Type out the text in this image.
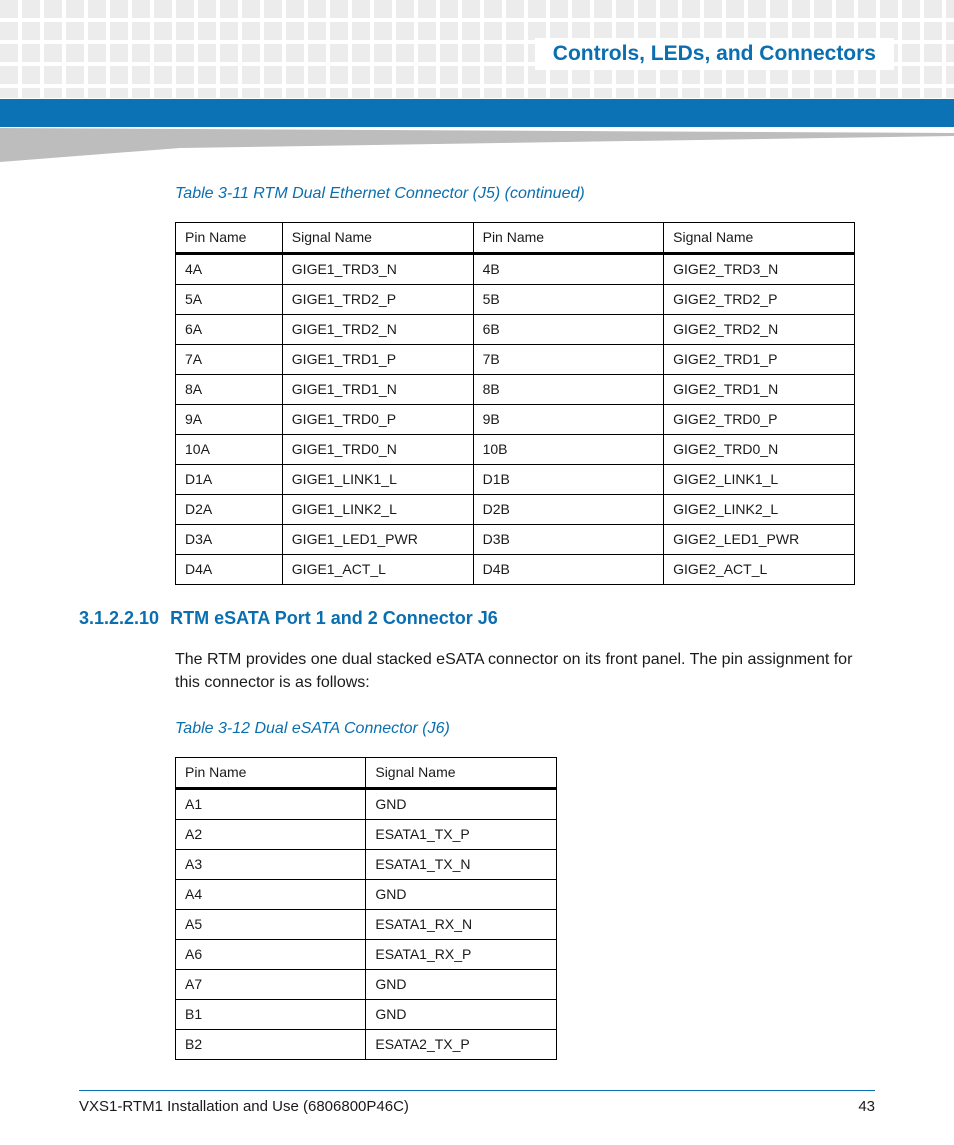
Controls, LEDs, and Connectors
Table 3-11 RTM Dual Ethernet Connector (J5) (continued)
Pin Name	Signal Name	Pin Name	Signal Name
4A	GIGE1_TRD3_N	4B	GIGE2_TRD3_N
5A	GIGE1_TRD2_P	5B	GIGE2_TRD2_P
6A	GIGE1_TRD2_N	6B	GIGE2_TRD2_N
7A	GIGE1_TRD1_P	7B	GIGE2_TRD1_P
8A	GIGE1_TRD1_N	8B	GIGE2_TRD1_N
9A	GIGE1_TRD0_P	9B	GIGE2_TRD0_P
10A	GIGE1_TRD0_N	10B	GIGE2_TRD0_N
D1A	GIGE1_LINK1_L	D1B	GIGE2_LINK1_L
D2A	GIGE1_LINK2_L	D2B	GIGE2_LINK2_L
D3A	GIGE1_LED1_PWR	D3B	GIGE2_LED1_PWR
D4A	GIGE1_ACT_L	D4B	GIGE2_ACT_L
3.1.2.2.10 RTM eSATA Port 1 and 2 Connector J6
The RTM provides one dual stacked eSATA connector on its front panel. The pin assignment for this connector is as follows:
Table 3-12 Dual eSATA Connector (J6)
Pin Name	Signal Name
A1	GND
A2	ESATA1_TX_P
A3	ESATA1_TX_N
A4	GND
A5	ESATA1_RX_N
A6	ESATA1_RX_P
A7	GND
B1	GND
B2	ESATA2_TX_P
VXS1-RTM1 Installation and Use (6806800P46C)	43
